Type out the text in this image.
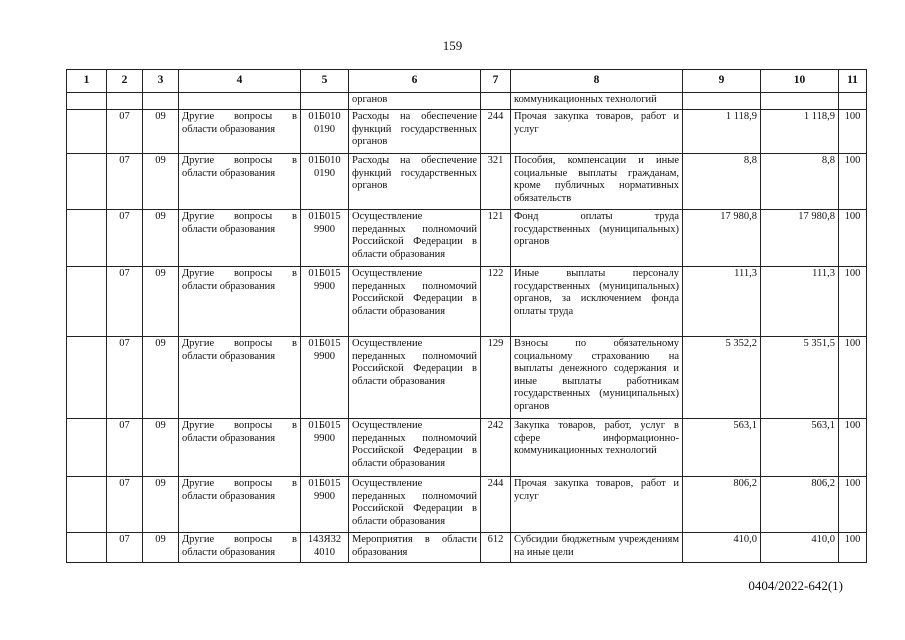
159
1	2	3	4	5	6	7	8	9	10	11
					органов		коммуникационных технологий			
	07	09	Другие вопросы в области образования	01Б010 0190	Расходы на обеспечение функций государственных органов	244	Прочая закупка товаров, работ и услуг	1 118,9	1 118,9	100
	07	09	Другие вопросы в области образования	01Б010 0190	Расходы на обеспечение функций государственных органов	321	Пособия, компенсации и иные социальные выплаты гражданам, кроме публичных нормативных обязательств	8,8	8,8	100
	07	09	Другие вопросы в области образования	01Б015 9900	Осуществление переданных полномочий Российской Федерации в области образования	121	Фонд оплаты труда государственных (муниципальных) органов	17 980,8	17 980,8	100
	07	09	Другие вопросы в области образования	01Б015 9900	Осуществление переданных полномочий Российской Федерации в области образования	122	Иные выплаты персоналу государственных (муниципальных) органов, за исключением фонда оплаты труда	111,3	111,3	100
	07	09	Другие вопросы в области образования	01Б015 9900	Осуществление переданных полномочий Российской Федерации в области образования	129	Взносы по обязательному социальному страхованию на выплаты денежного содержания и иные выплаты работникам государственных (муниципальных) органов	5 352,2	5 351,5	100
	07	09	Другие вопросы в области образования	01Б015 9900	Осуществление переданных полномочий Российской Федерации в области образования	242	Закупка товаров, работ, услуг в сфере информационно-коммуникационных технологий	563,1	563,1	100
	07	09	Другие вопросы в области образования	01Б015 9900	Осуществление переданных полномочий Российской Федерации в области образования	244	Прочая закупка товаров, работ и услуг	806,2	806,2	100
	07	09	Другие вопросы в области образования	143Я32 4010	Мероприятия в области образования	612	Субсидии бюджетным учреждениям на иные цели	410,0	410,0	100
0404/2022-642(1)
